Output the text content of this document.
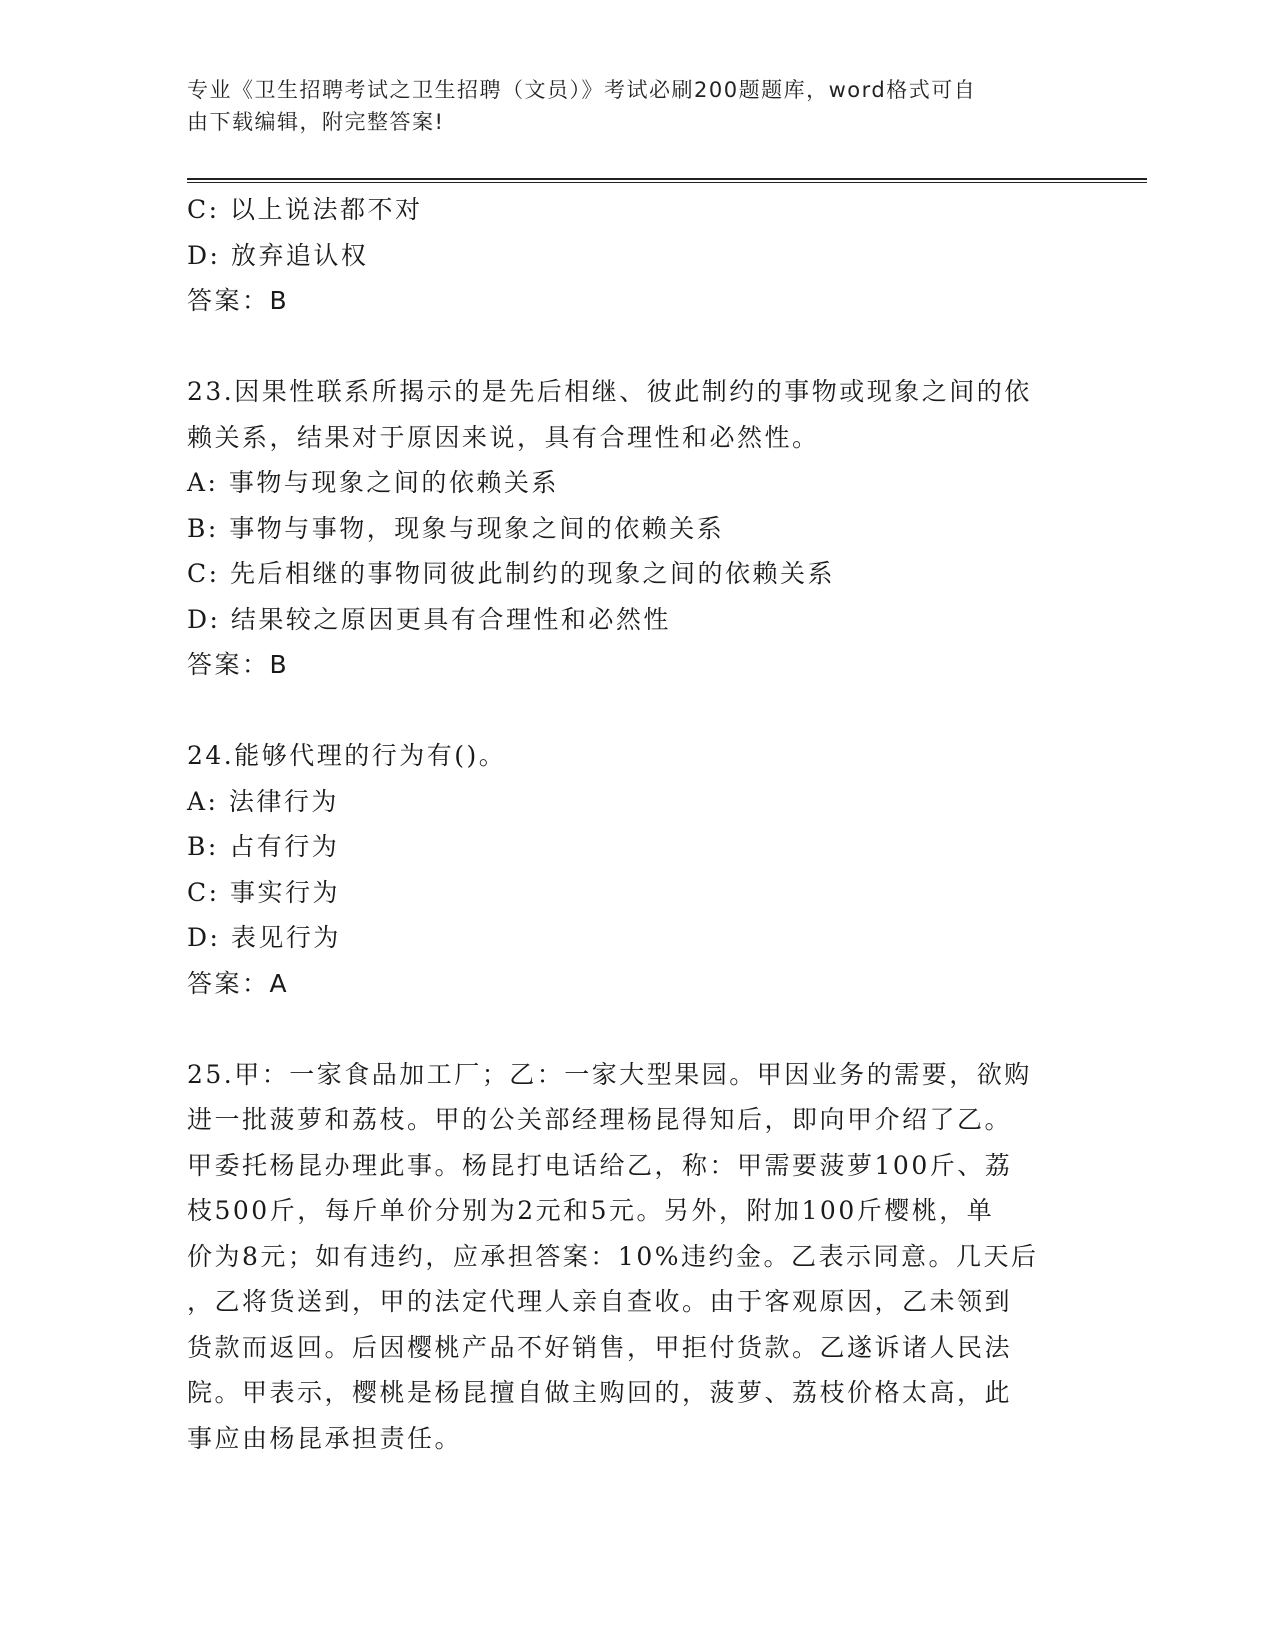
专业《卫生招聘考试之卫生招聘（文员）》考试必刷200题题库，word格式可自
由下载编辑，附完整答案!
C: 以上说法都不对
D: 放弃追认权
答案：B
23.因果性联系所揭示的是先后相继、彼此制约的事物或现象之间的依
赖关系，结果对于原因来说，具有合理性和必然性。
A: 事物与现象之间的依赖关系
B: 事物与事物，现象与现象之间的依赖关系
C: 先后相继的事物同彼此制约的现象之间的依赖关系
D: 结果较之原因更具有合理性和必然性
答案：B
24.能够代理的行为有()。
A: 法律行为
B: 占有行为
C: 事实行为
D: 表见行为
答案：A
25.甲：一家食品加工厂；乙：一家大型果园。甲因业务的需要，欲购
进一批菠萝和荔枝。甲的公关部经理杨昆得知后，即向甲介绍了乙。
甲委托杨昆办理此事。杨昆打电话给乙，称：甲需要菠萝100斤、荔
枝500斤，每斤单价分别为2元和5元。另外，附加100斤樱桃，单
价为8元；如有违约，应承担答案：10%违约金。乙表示同意。几天后
，乙将货送到，甲的法定代理人亲自查收。由于客观原因，乙未领到
货款而返回。后因樱桃产品不好销售，甲拒付货款。乙遂诉诸人民法
院。甲表示，樱桃是杨昆擅自做主购回的，菠萝、荔枝价格太高，此
事应由杨昆承担责任。
